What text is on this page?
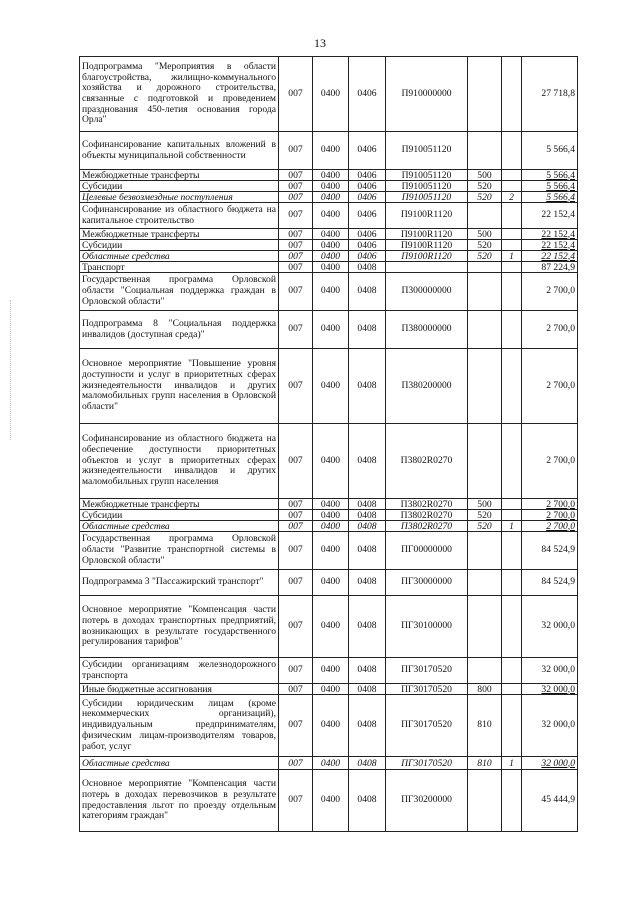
13
Подпрограмма "Мероприятия в области благоустройства, жилищно-коммунального хозяйства и дорожного строительства, связанные с подготовкой и проведением празднования 450-летия основания города Орла"	007	0400	0406	П910000000			27 718,8
Софинансирование капитальных вложений в объекты муниципальной собственности	007	0400	0406	П910051120			5 566,4
Межбюджетные трансферты	007	0400	0406	П910051120	500		5 566,4
Субсидии	007	0400	0406	П910051120	520		5 566,4
Целевые безвозмездные поступления	007	0400	0406	П910051120	520	2	5 566,4
Софинансирование из областного бюджета на капитальное строительство	007	0400	0406	П9100R1120			22 152,4
Межбюджетные трансферты	007	0400	0406	П9100R1120	500		22 152,4
Субсидии	007	0400	0406	П9100R1120	520		22 152,4
Областные средства	007	0400	0406	П9100R1120	520	1	22 152,4
Транспорт	007	0400	0408				87 224,9
Государственная программа Орловской области "Социальная поддержка граждан в Орловской области"	007	0400	0408	П300000000			2 700,0
Подпрограмма 8 "Социальная поддержка инвалидов (доступная среда)"	007	0400	0408	П380000000			2 700,0
Основное мероприятие "Повышение уровня доступности и услуг в приоритетных сферах жизнедеятельности инвалидов и других маломобильных групп населения в Орловской области"	007	0400	0408	П380200000			2 700,0
Софинансирование из областного бюджета на обеспечение доступности приоритетных объектов и услуг в приоритетных сферах жизнедеятельности инвалидов и других маломобильных групп населения	007	0400	0408	П3802R0270			2 700,0
Межбюджетные трансферты	007	0400	0408	П3802R0270	500		2 700,0
Субсидии	007	0400	0408	П3802R0270	520		2 700,0
Областные средства	007	0400	0408	П3802R0270	520	1	2 700,0
Государственная программа Орловской области "Развитие транспортной системы в Орловской области"	007	0400	0408	ПГ00000000			84 524,9
Подпрограмма 3 "Пассажирский транспорт"	007	0400	0408	ПГ30000000			84 524,9
Основное мероприятие "Компенсация части потерь в доходах транспортных предприятий, возникающих в результате государственного регулирования тарифов"	007	0400	0408	ПГ30100000			32 000,0
Субсидии организациям железнодорожного транспорта	007	0400	0408	ПГ30170520			32 000,0
Иные бюджетные ассигнования	007	0400	0408	ПГ30170520	800		32 000,0
Субсидии юридическим лицам (кроме некоммерческих организаций), индивидуальным предпринимателям, физическим лицам-производителям товаров, работ, услуг	007	0400	0408	ПГ30170520	810		32 000,0
Областные средства	007	0400	0408	ПГ30170520	810	1	32 000,0
Основное мероприятие "Компенсация части потерь в доходах перевозчиков в результате предоставления льгот по проезду отдельным категориям граждан"	007	0400	0408	ПГ30200000			45 444,9
